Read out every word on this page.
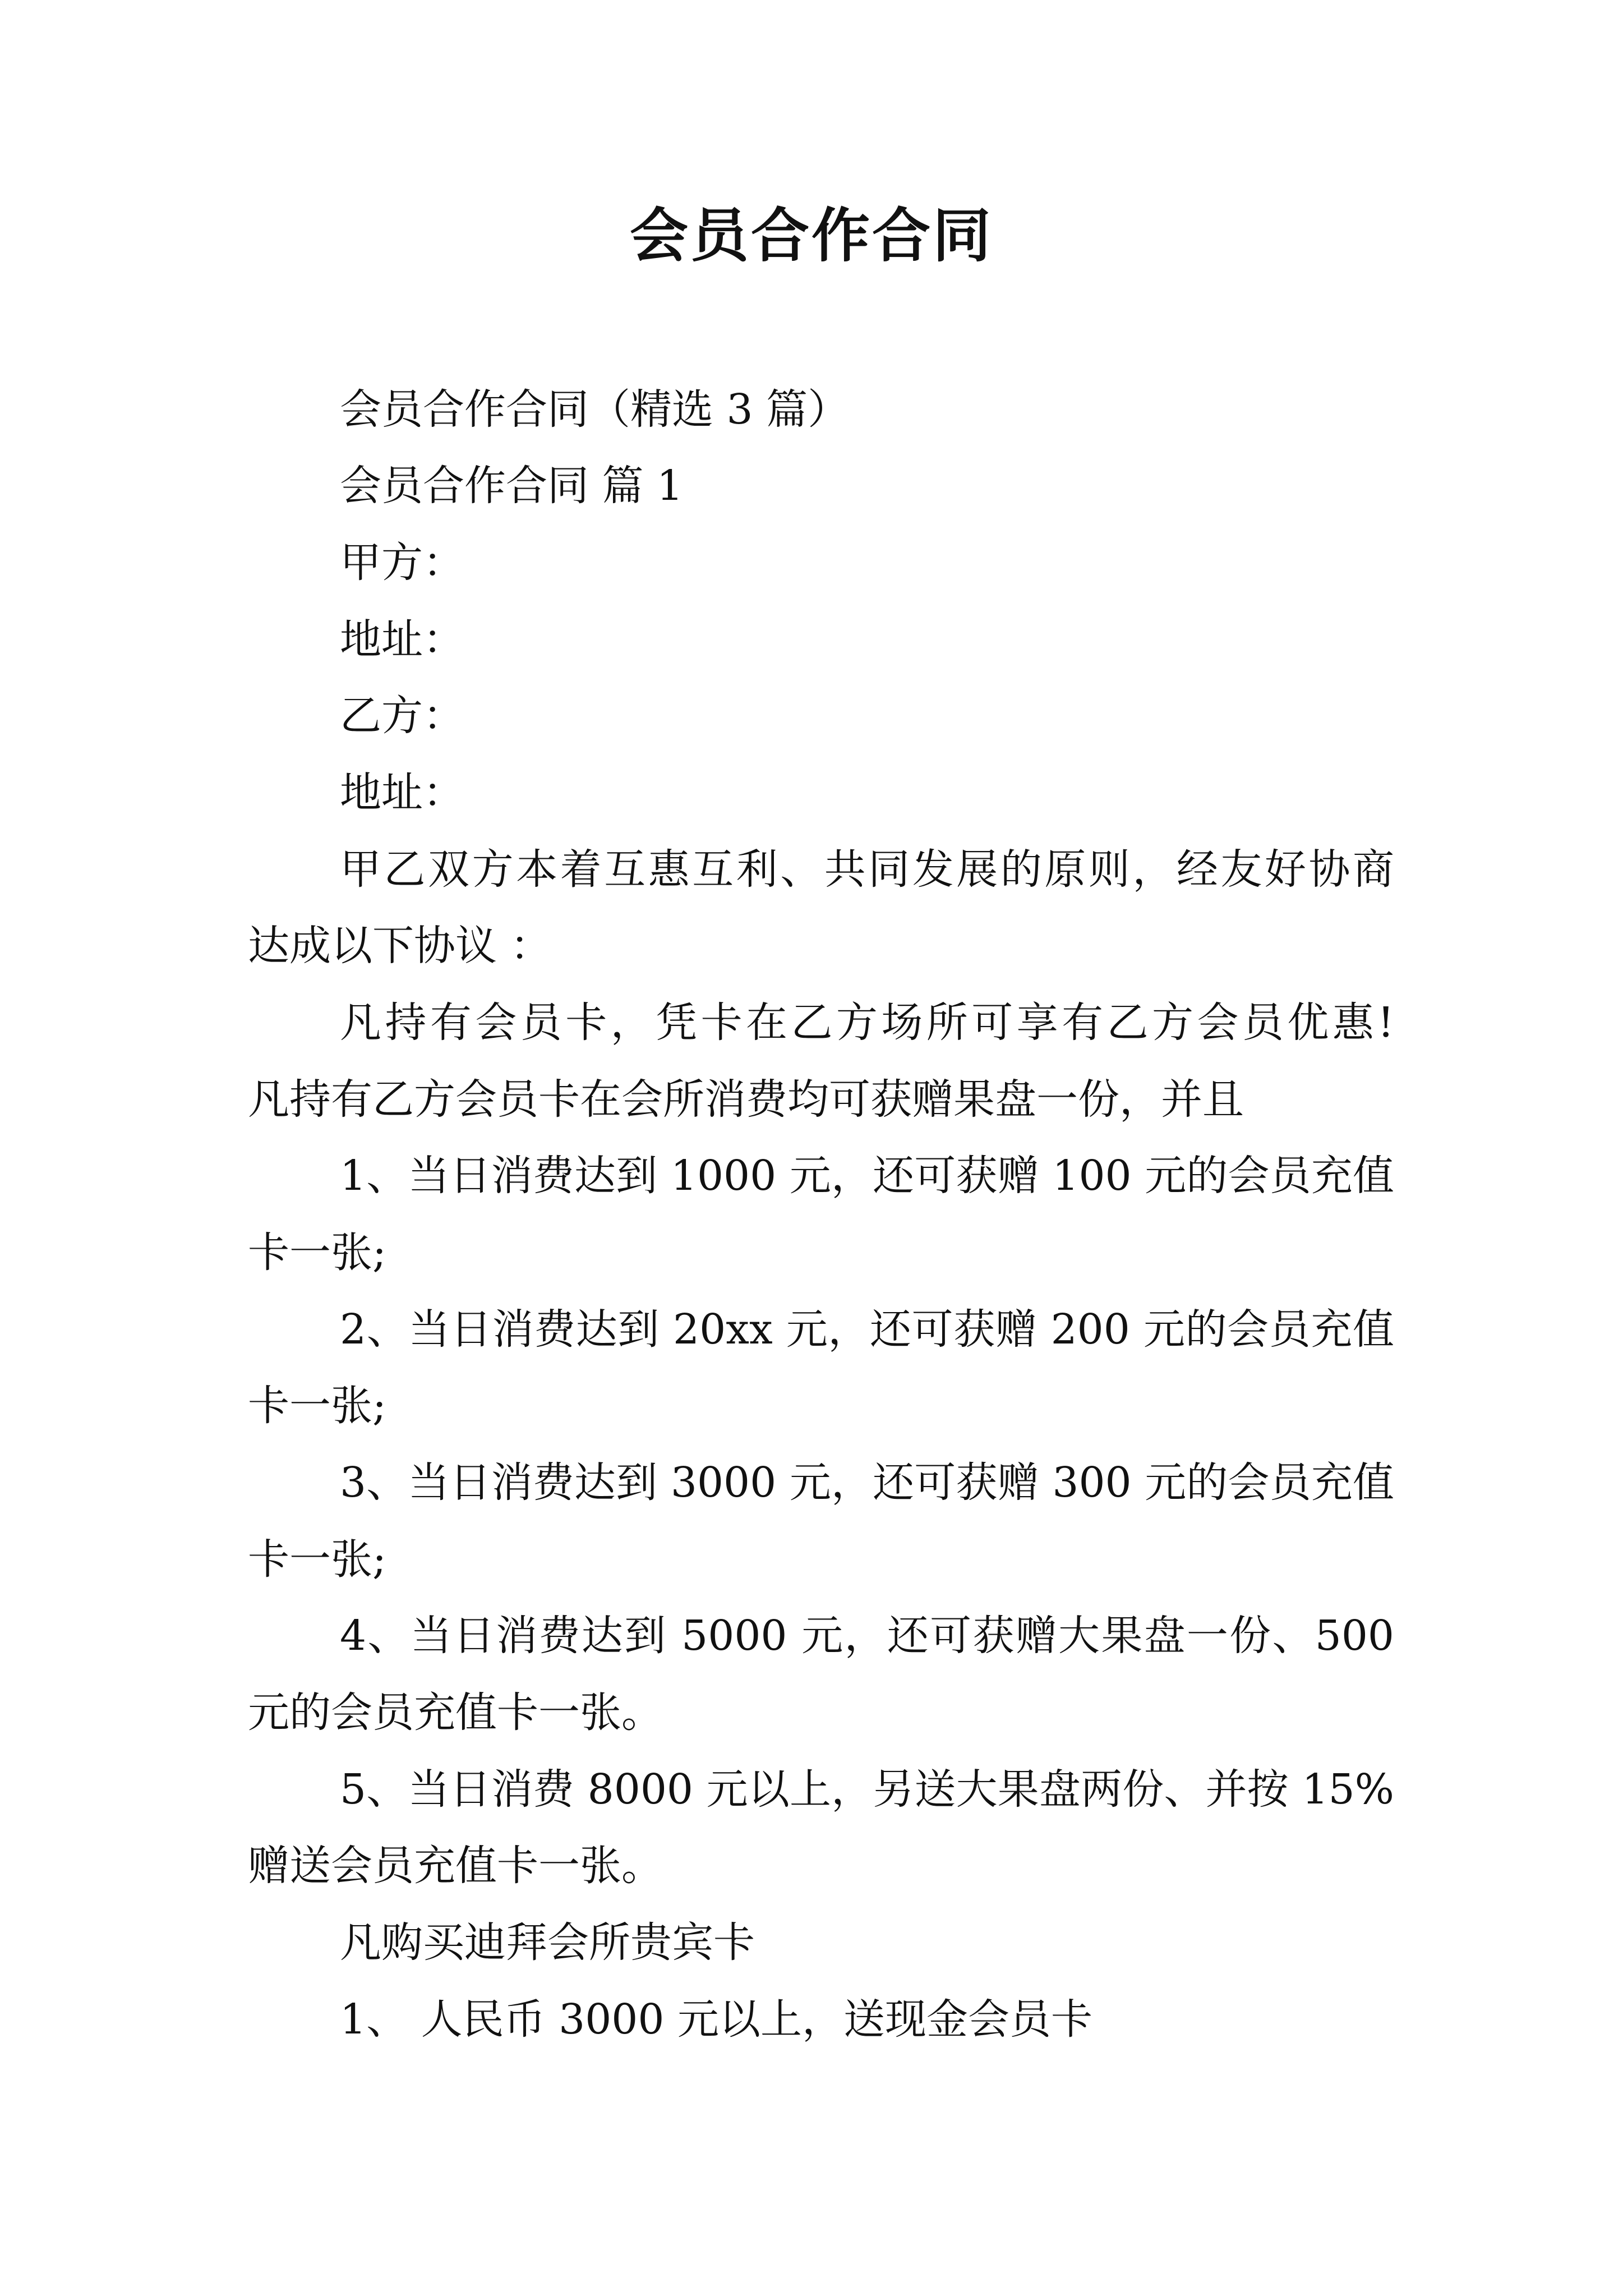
会员合作合同

会员合作合同（精选 3 篇）

会员合作合同 篇 1

甲方：

地址：

乙方：

地址：

甲乙双方本着互惠互利、共同发展的原则，经友好协商

达成以下协议 ：

凡持有会员卡，凭卡在乙方场所可享有乙方会员优惠!

凡持有乙方会员卡在会所消费均可获赠果盘一份，并且

1、当日消费达到 1000 元，还可获赠 100 元的会员充值

卡一张;

2、当日消费达到 20xx 元，还可获赠 200 元的会员充值

卡一张;

3、当日消费达到 3000 元，还可获赠 300 元的会员充值

卡一张;

4、当日消费达到 5000 元，还可获赠大果盘一份、500

元的会员充值卡一张。

5、当日消费 8000 元以上，另送大果盘两份、并按 15%

赠送会员充值卡一张。

凡购买迪拜会所贵宾卡

1、 人民币 3000 元以上，送现金会员卡
